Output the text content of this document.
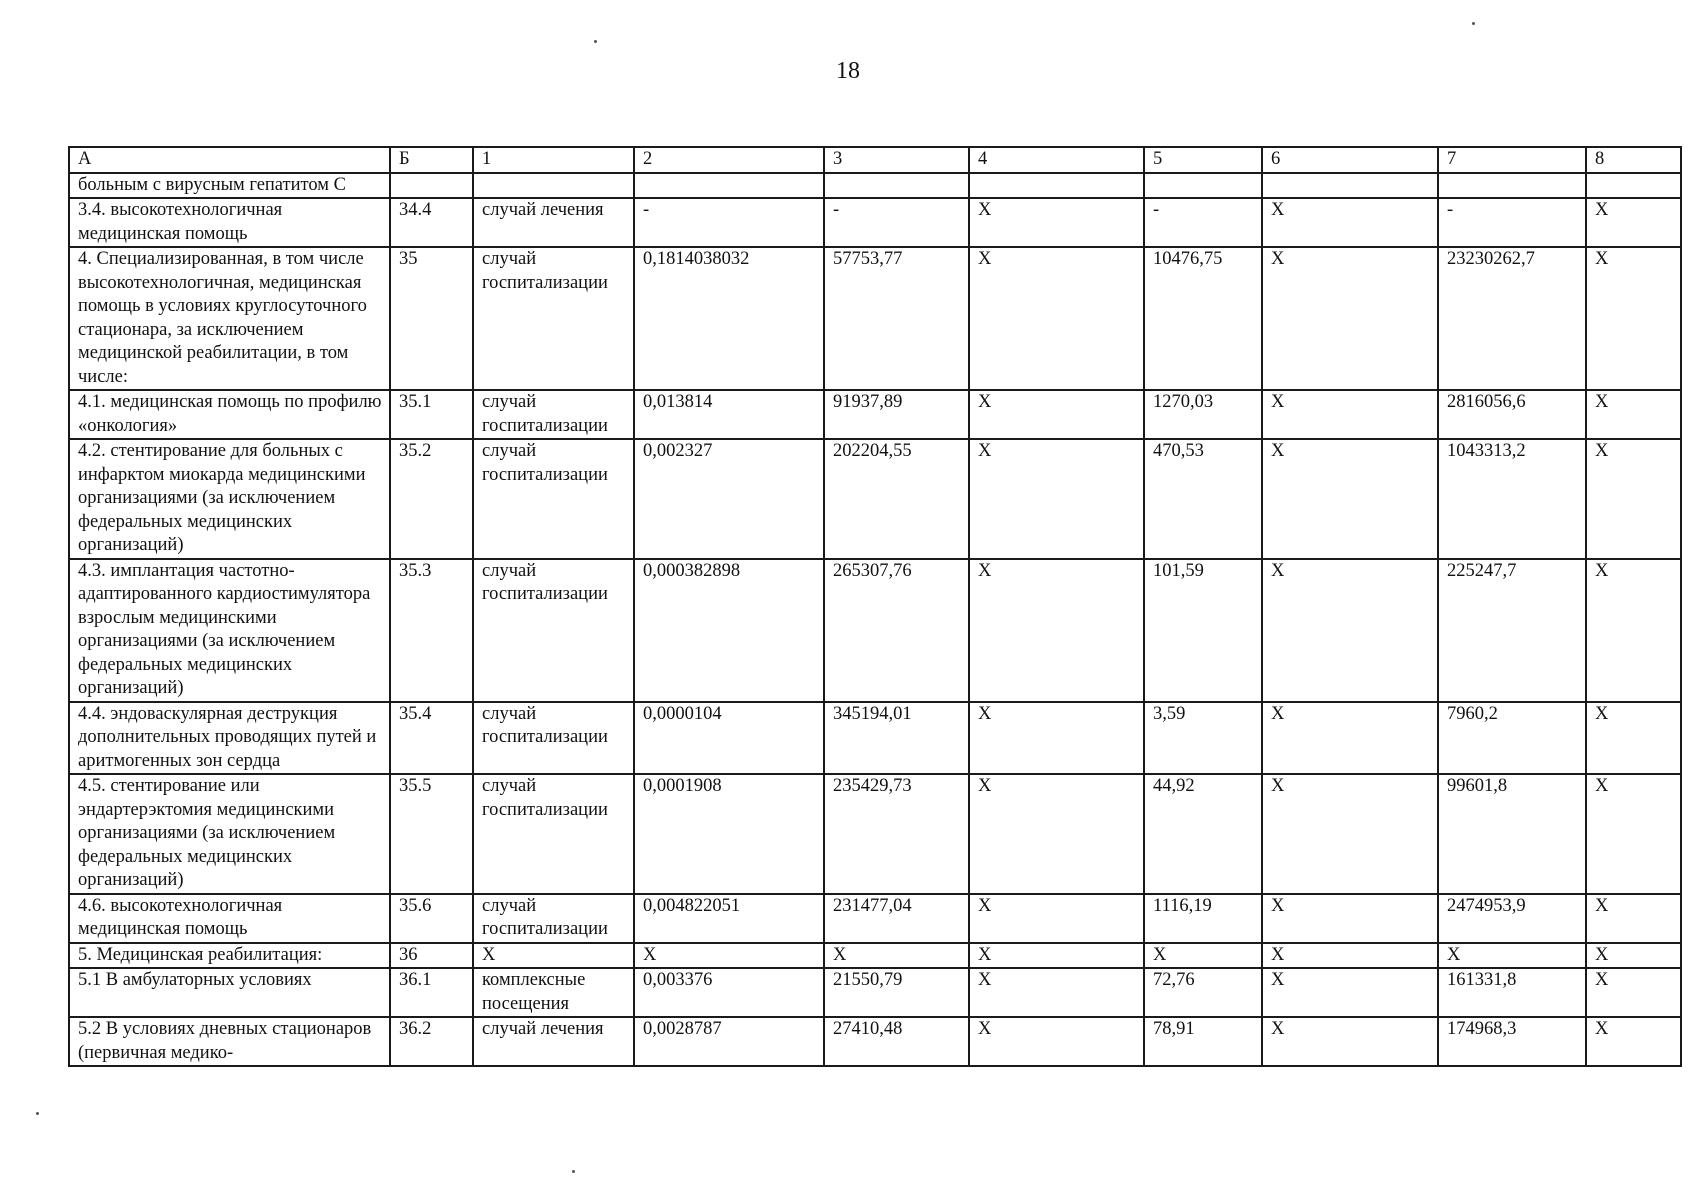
18
А	Б	1	2	3	4	5	6	7	8
больным с вирусным гепатитом С									
3.4. высокотехнологичная медицинская помощь	34.4	случай лечения	-	-	Х	-	Х	-	Х
4. Специализированная, в том числе высокотехнологичная, медицинская помощь в условиях круглосуточного стационара, за исключением медицинской реабилитации, в том числе:	35	случай госпитализации	0,1814038032	57753,77	Х	10476,75	Х	23230262,7	Х
4.1. медицинская помощь по профилю «онкология»	35.1	случай госпитализации	0,013814	91937,89	Х	1270,03	Х	2816056,6	Х
4.2. стентирование для больных с инфарктом миокарда медицинскими организациями (за исключением федеральных медицинских организаций)	35.2	случай госпитализации	0,002327	202204,55	Х	470,53	Х	1043313,2	Х
4.3. имплантация частотно-адаптированного кардиостимулятора взрослым медицинскими организациями (за исключением федеральных медицинских организаций)	35.3	случай госпитализации	0,000382898	265307,76	Х	101,59	Х	225247,7	Х
4.4. эндоваскулярная деструкция дополнительных проводящих путей и аритмогенных зон сердца	35.4	случай госпитализации	0,0000104	345194,01	Х	3,59	Х	7960,2	Х
4.5. стентирование или эндартерэктомия медицинскими организациями (за исключением федеральных медицинских организаций)	35.5	случай госпитализации	0,0001908	235429,73	Х	44,92	Х	99601,8	Х
4.6. высокотехнологичная медицинская помощь	35.6	случай госпитализации	0,004822051	231477,04	Х	1116,19	Х	2474953,9	Х
5. Медицинская реабилитация:	36	Х	Х	Х	Х	Х	Х	Х	Х
5.1 В амбулаторных условиях	36.1	комплексные посещения	0,003376	21550,79	Х	72,76	Х	161331,8	Х
5.2 В условиях дневных стационаров (первичная медико-	36.2	случай лечения	0,0028787	27410,48	Х	78,91	Х	174968,3	Х
